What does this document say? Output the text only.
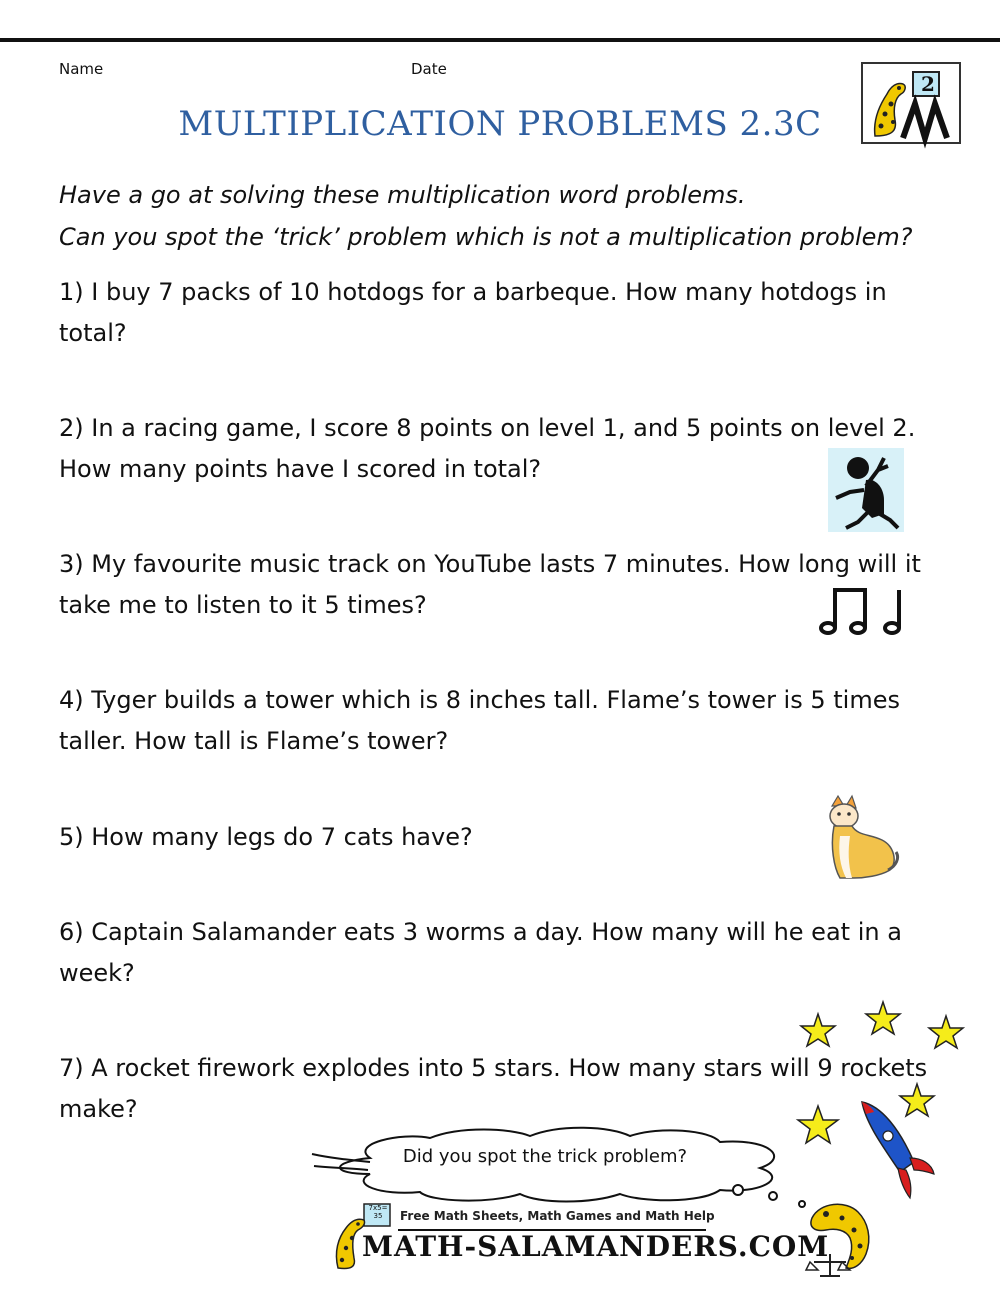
Name	Date
2
MULTIPLICATION PROBLEMS 2.3C
Have a go at solving these multiplication word problems.
Can you spot the ‘trick’ problem which is not a multiplication problem?
1) I buy 7 packs of 10 hotdogs for a barbeque. How many hotdogs in
total?
2) In a racing game, I score 8 points on level 1, and 5 points on level 2.
How many points have I scored in total?
3) My favourite music track on YouTube lasts 7 minutes. How long will it
take me to listen to it 5 times?
4) Tyger builds a tower which is 8 inches tall. Flame’s tower is 5 times
taller. How tall is Flame’s tower?
5) How many legs do 7 cats have?
6) Captain Salamander eats 3 worms a day. How many will he eat in a
week?
7) A rocket firework explodes into 5 stars. How many stars will 9 rockets
make?
Did you spot the trick problem?
7x5= 35	Free Math Sheets, Math Games and Math Help
MATH-SALAMANDERS.COM
